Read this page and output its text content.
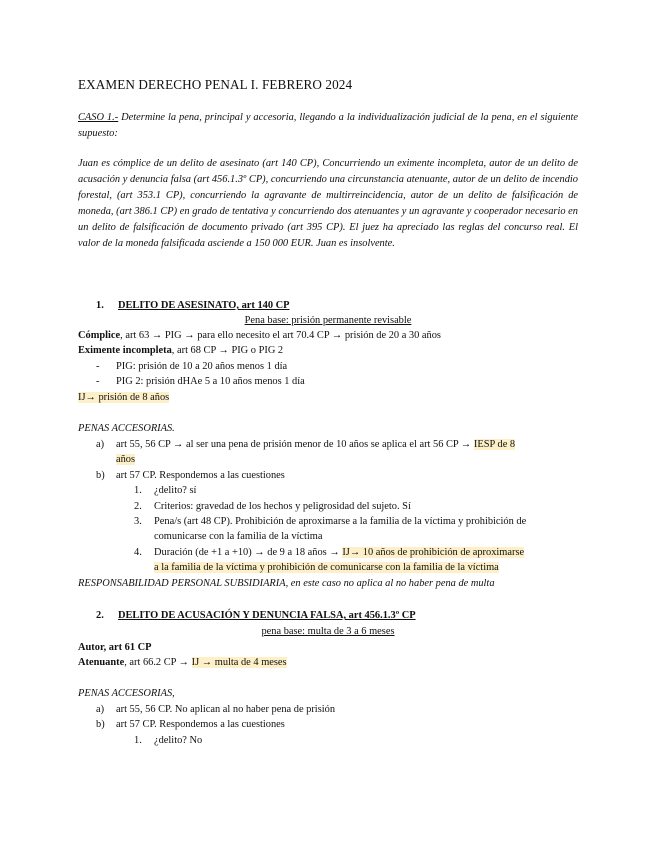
EXAMEN DERECHO PENAL I. FEBRERO 2024
CASO 1.- Determine la pena, principal y accesoria, llegando a la individualización judicial de la pena, en el siguiente supuesto:
Juan es cómplice de un delito de asesinato (art 140 CP), Concurriendo un eximente incompleta, autor de un delito de acusación y denuncia falsa (art 456.1.3º CP), concurriendo una circunstancia atenuante, autor de un delito de incendio forestal, (art 353.1 CP), concurriendo la agravante de multirreincidencia, autor de un delito de falsificación de moneda, (art 386.1 CP) en grado de tentativa y concurriendo dos atenuantes y un agravante y cooperador necesario en un delito de falsificación de documento privado (art 395 CP). El juez ha apreciado las reglas del concurso real. El valor de la moneda falsificada asciende a 150 000 EUR. Juan es insolvente.
1. DELITO DE ASESINATO, art 140 CP
Pena base: prisión permanente revisable
Cómplice, art 63 → PIG → para ello necesito el art 70.4 CP → prisión de 20 a 30 años
Eximente incompleta, art 68 CP → PIG o PIG 2
- PIG: prisión de 10 a 20 años menos 1 día
- PIG 2: prisión dHAe 5 a 10 años menos 1 día
IJ→ prisión de 8 años
PENAS ACCESORIAS.
a) art 55, 56 CP → al ser una pena de prisión menor de 10 años se aplica el art 56 CP → IESP de 8
años
b) art 57 CP. Respondemos a las cuestiones
1. ¿delito? sí
2. Criterios: gravedad de los hechos y peligrosidad del sujeto. Sí
3. Pena/s (art 48 CP). Prohibición de aproximarse a la familia de la víctima y prohibición de
comunicarse con la familia de la víctima
4. Duración (de +1 a +10) → de 9 a 18 años → IJ→ 10 años de prohibición de aproximarse
a la familia de la víctima y prohibición de comunicarse con la familia de la víctima
RESPONSABILIDAD PERSONAL SUBSIDIARIA, en este caso no aplica al no haber pena de multa
2. DELITO DE ACUSACIÓN Y DENUNCIA FALSA, art 456.1.3º CP
pena base: multa de 3 a 6 meses
Autor, art 61 CP
Atenuante, art 66.2 CP → IJ → multa de 4 meses
PENAS ACCESORIAS,
a) art 55, 56 CP. No aplican al no haber pena de prisión
b) art 57 CP. Respondemos a las cuestiones
1. ¿delito? No
